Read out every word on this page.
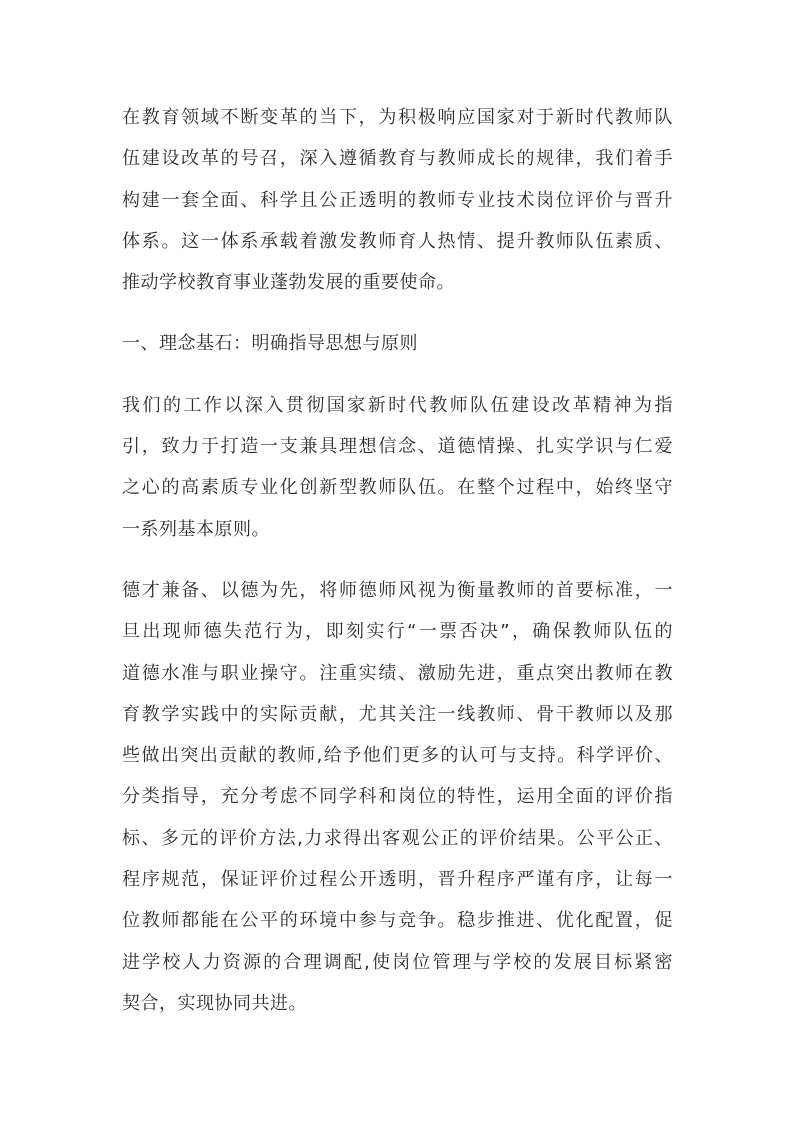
在教育领域不断变革的当下，为积极响应国家对于新时代教师队
伍建设改革的号召，深入遵循教育与教师成长的规律，我们着手
构建一套全面、科学且公正透明的教师专业技术岗位评价与晋升
体系。这一体系承载着激发教师育人热情、提升教师队伍素质、
推动学校教育事业蓬勃发展的重要使命。
一、理念基石：明确指导思想与原则
我们的工作以深入贯彻国家新时代教师队伍建设改革精神为指
引，致力于打造一支兼具理想信念、道德情操、扎实学识与仁爱
之心的高素质专业化创新型教师队伍。在整个过程中，始终坚守
一系列基本原则。
德才兼备、以德为先，将师德师风视为衡量教师的首要标准，一
旦出现师德失范行为，即刻实行“一票否决”，确保教师队伍的
道德水准与职业操守。注重实绩、激励先进，重点突出教师在教
育教学实践中的实际贡献，尤其关注一线教师、骨干教师以及那
些做出突出贡献的教师,给予他们更多的认可与支持。科学评价、
分类指导，充分考虑不同学科和岗位的特性，运用全面的评价指
标、多元的评价方法,力求得出客观公正的评价结果。公平公正、
程序规范，保证评价过程公开透明，晋升程序严谨有序，让每一
位教师都能在公平的环境中参与竞争。稳步推进、优化配置，促
进学校人力资源的合理调配,使岗位管理与学校的发展目标紧密
契合，实现协同共进。
